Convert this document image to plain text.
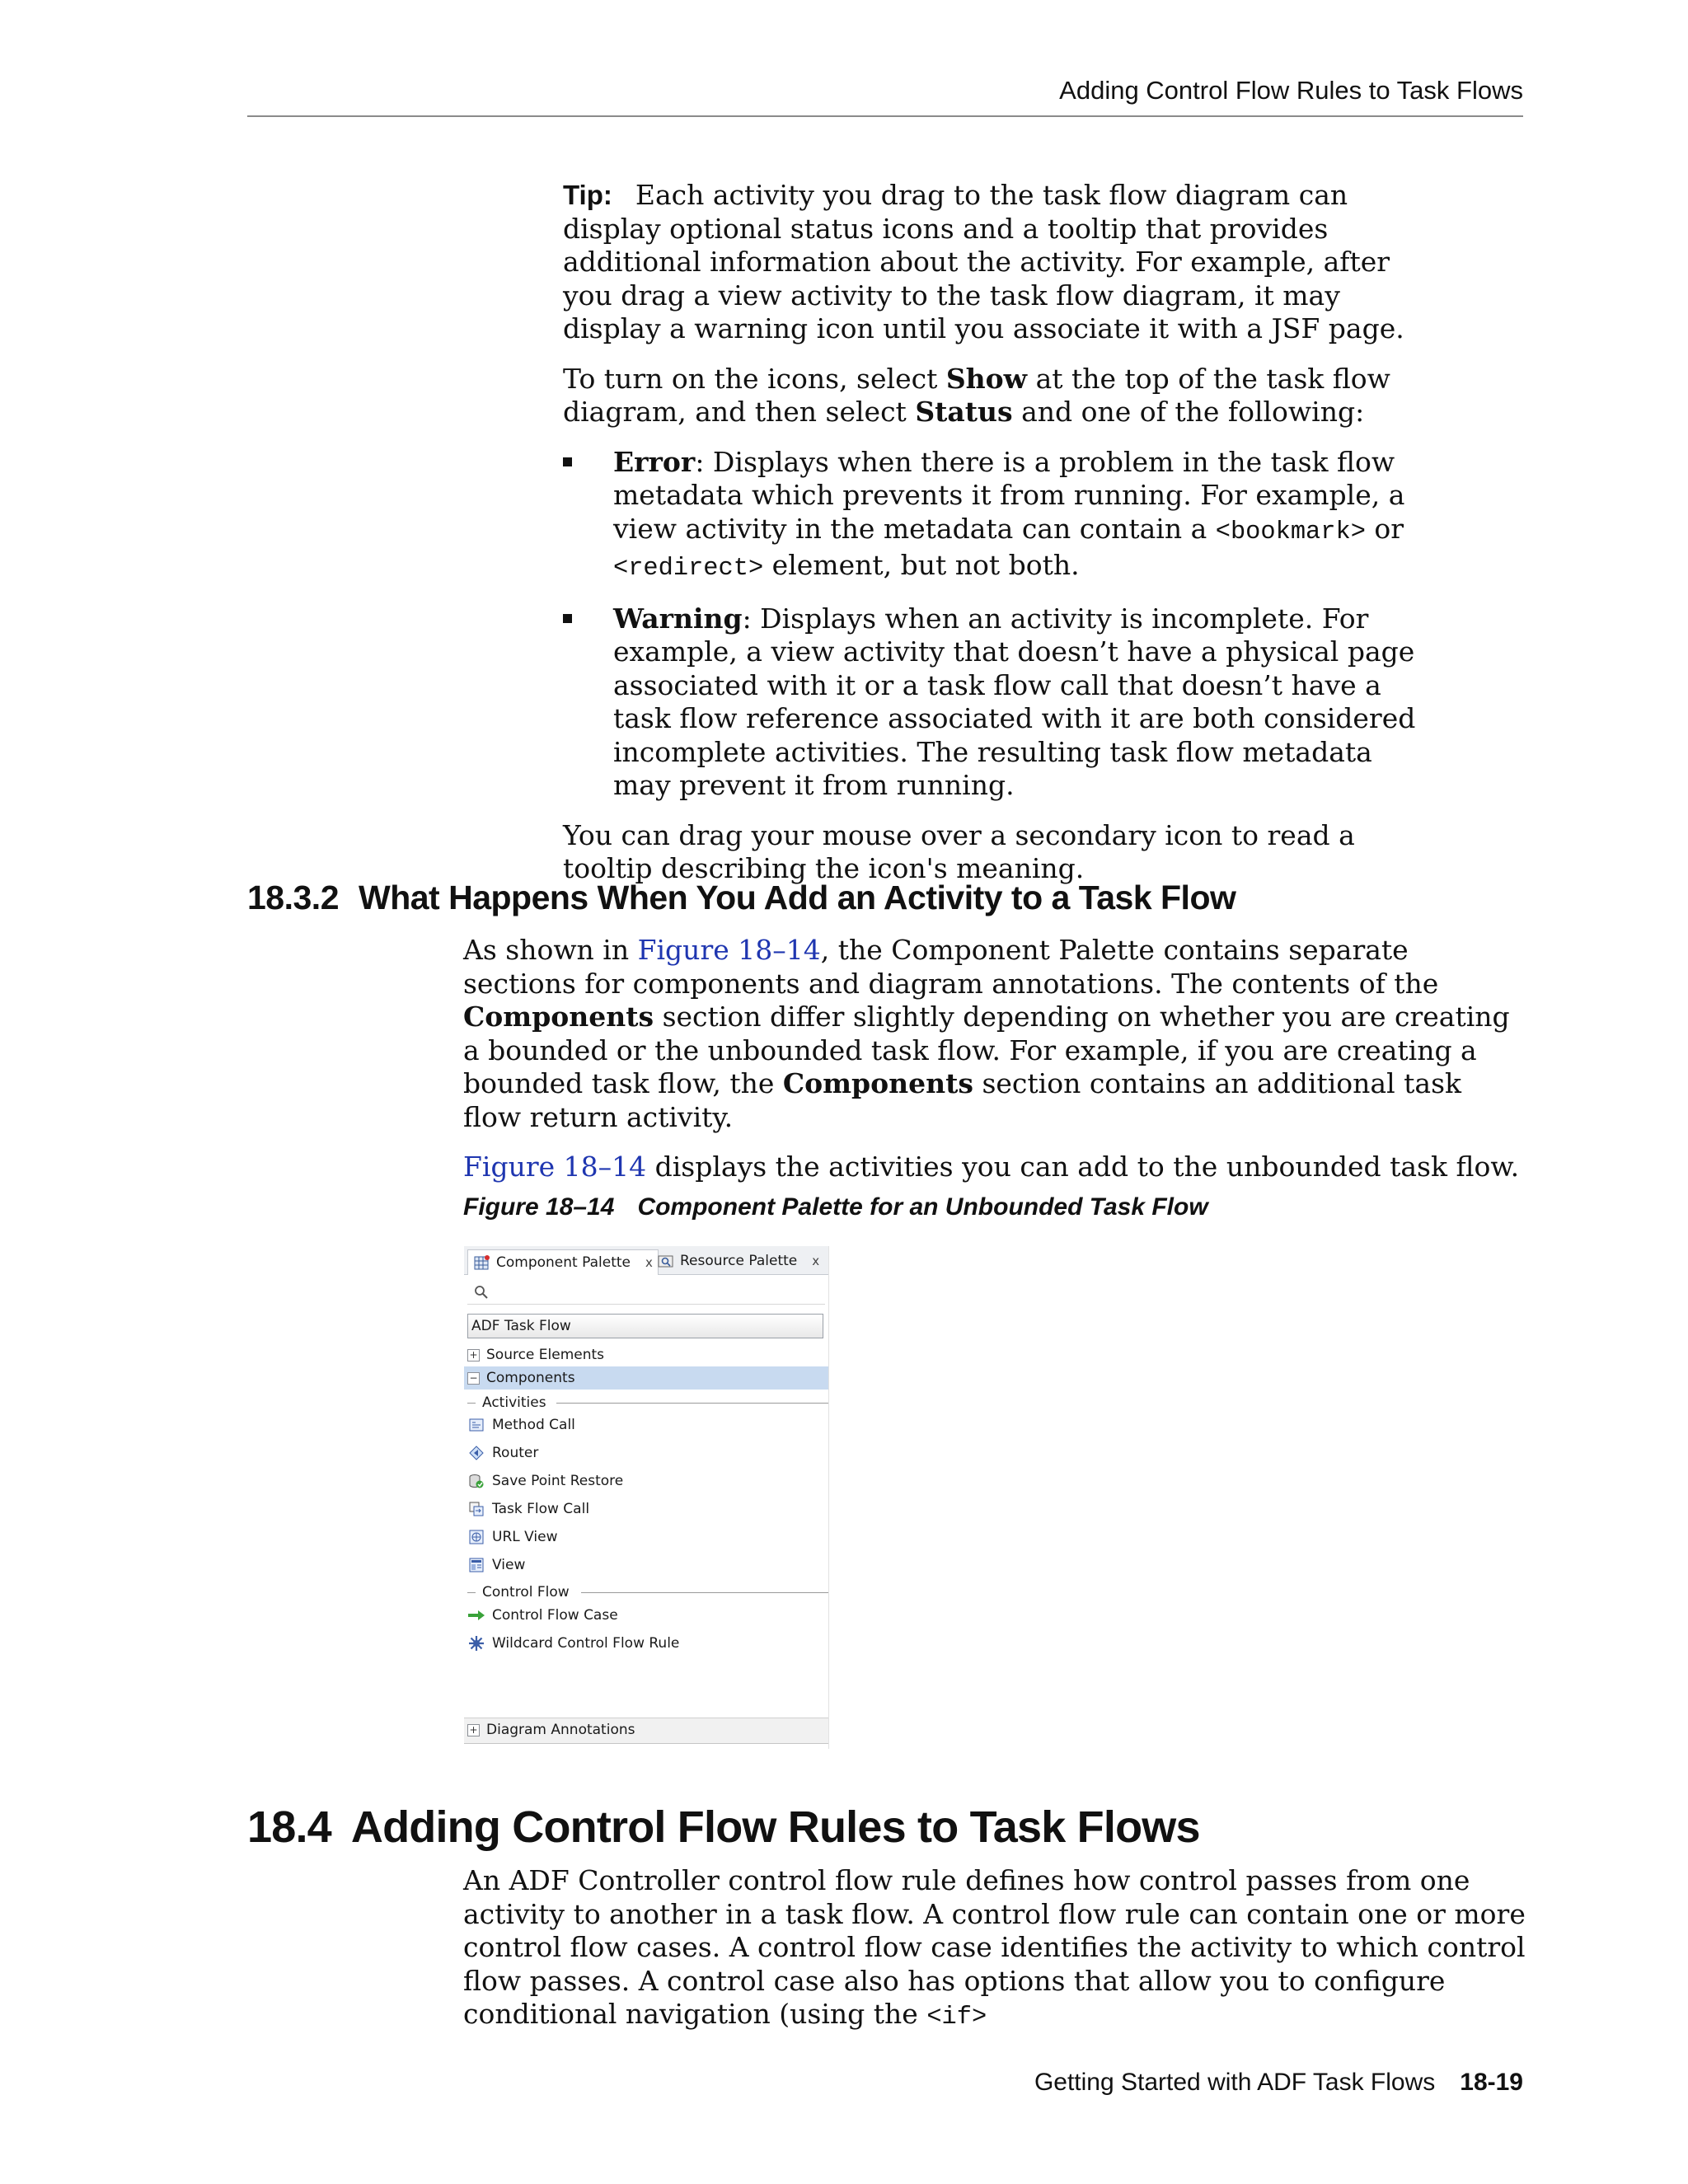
Adding Control Flow Rules to Task Flows

Tip: Each activity you drag to the task flow diagram can display optional status icons and a tooltip that provides additional information about the activity. For example, after you drag a view activity to the task flow diagram, it may display a warning icon until you associate it with a JSF page.

To turn on the icons, select Show at the top of the task flow diagram, and then select Status and one of the following:

Error: Displays when there is a problem in the task flow metadata which prevents it from running. For example, a view activity in the metadata can contain a <bookmark> or <redirect> element, but not both.
Warning: Displays when an activity is incomplete. For example, a view activity that doesn’t have a physical page associated with it or a task flow call that doesn’t have a task flow reference associated with it are both considered incomplete activities. The resulting task flow metadata may prevent it from running.

You can drag your mouse over a secondary icon to read a tooltip describing the icon's meaning.

18.3.2 What Happens When You Add an Activity to a Task Flow

As shown in Figure 18–14, the Component Palette contains separate sections for components and diagram annotations. The contents of the Components section differ slightly depending on whether you are creating a bounded or the unbounded task flow. For example, if you are creating a bounded task flow, the Components section contains an additional task flow return activity.

Figure 18–14 displays the activities you can add to the unbounded task flow.

Figure 18–14 Component Palette for an Unbounded Task Flow
Component Palette x Resource Palette x
ADF Task Flow
+ Source Elements
− Components
Activities
Method Call
Router
Save Point Restore
Task Flow Call
URL View
View
Control Flow
Control Flow Case
Wildcard Control Flow Rule
+ Diagram Annotations
18.4 Adding Control Flow Rules to Task Flows

An ADF Controller control flow rule defines how control passes from one activity to another in a task flow. A control flow rule can contain one or more control flow cases. A control flow case identifies the activity to which control flow passes. A control case also has options that allow you to configure conditional navigation (using the <if>

Getting Started with ADF Task Flows 18-19
